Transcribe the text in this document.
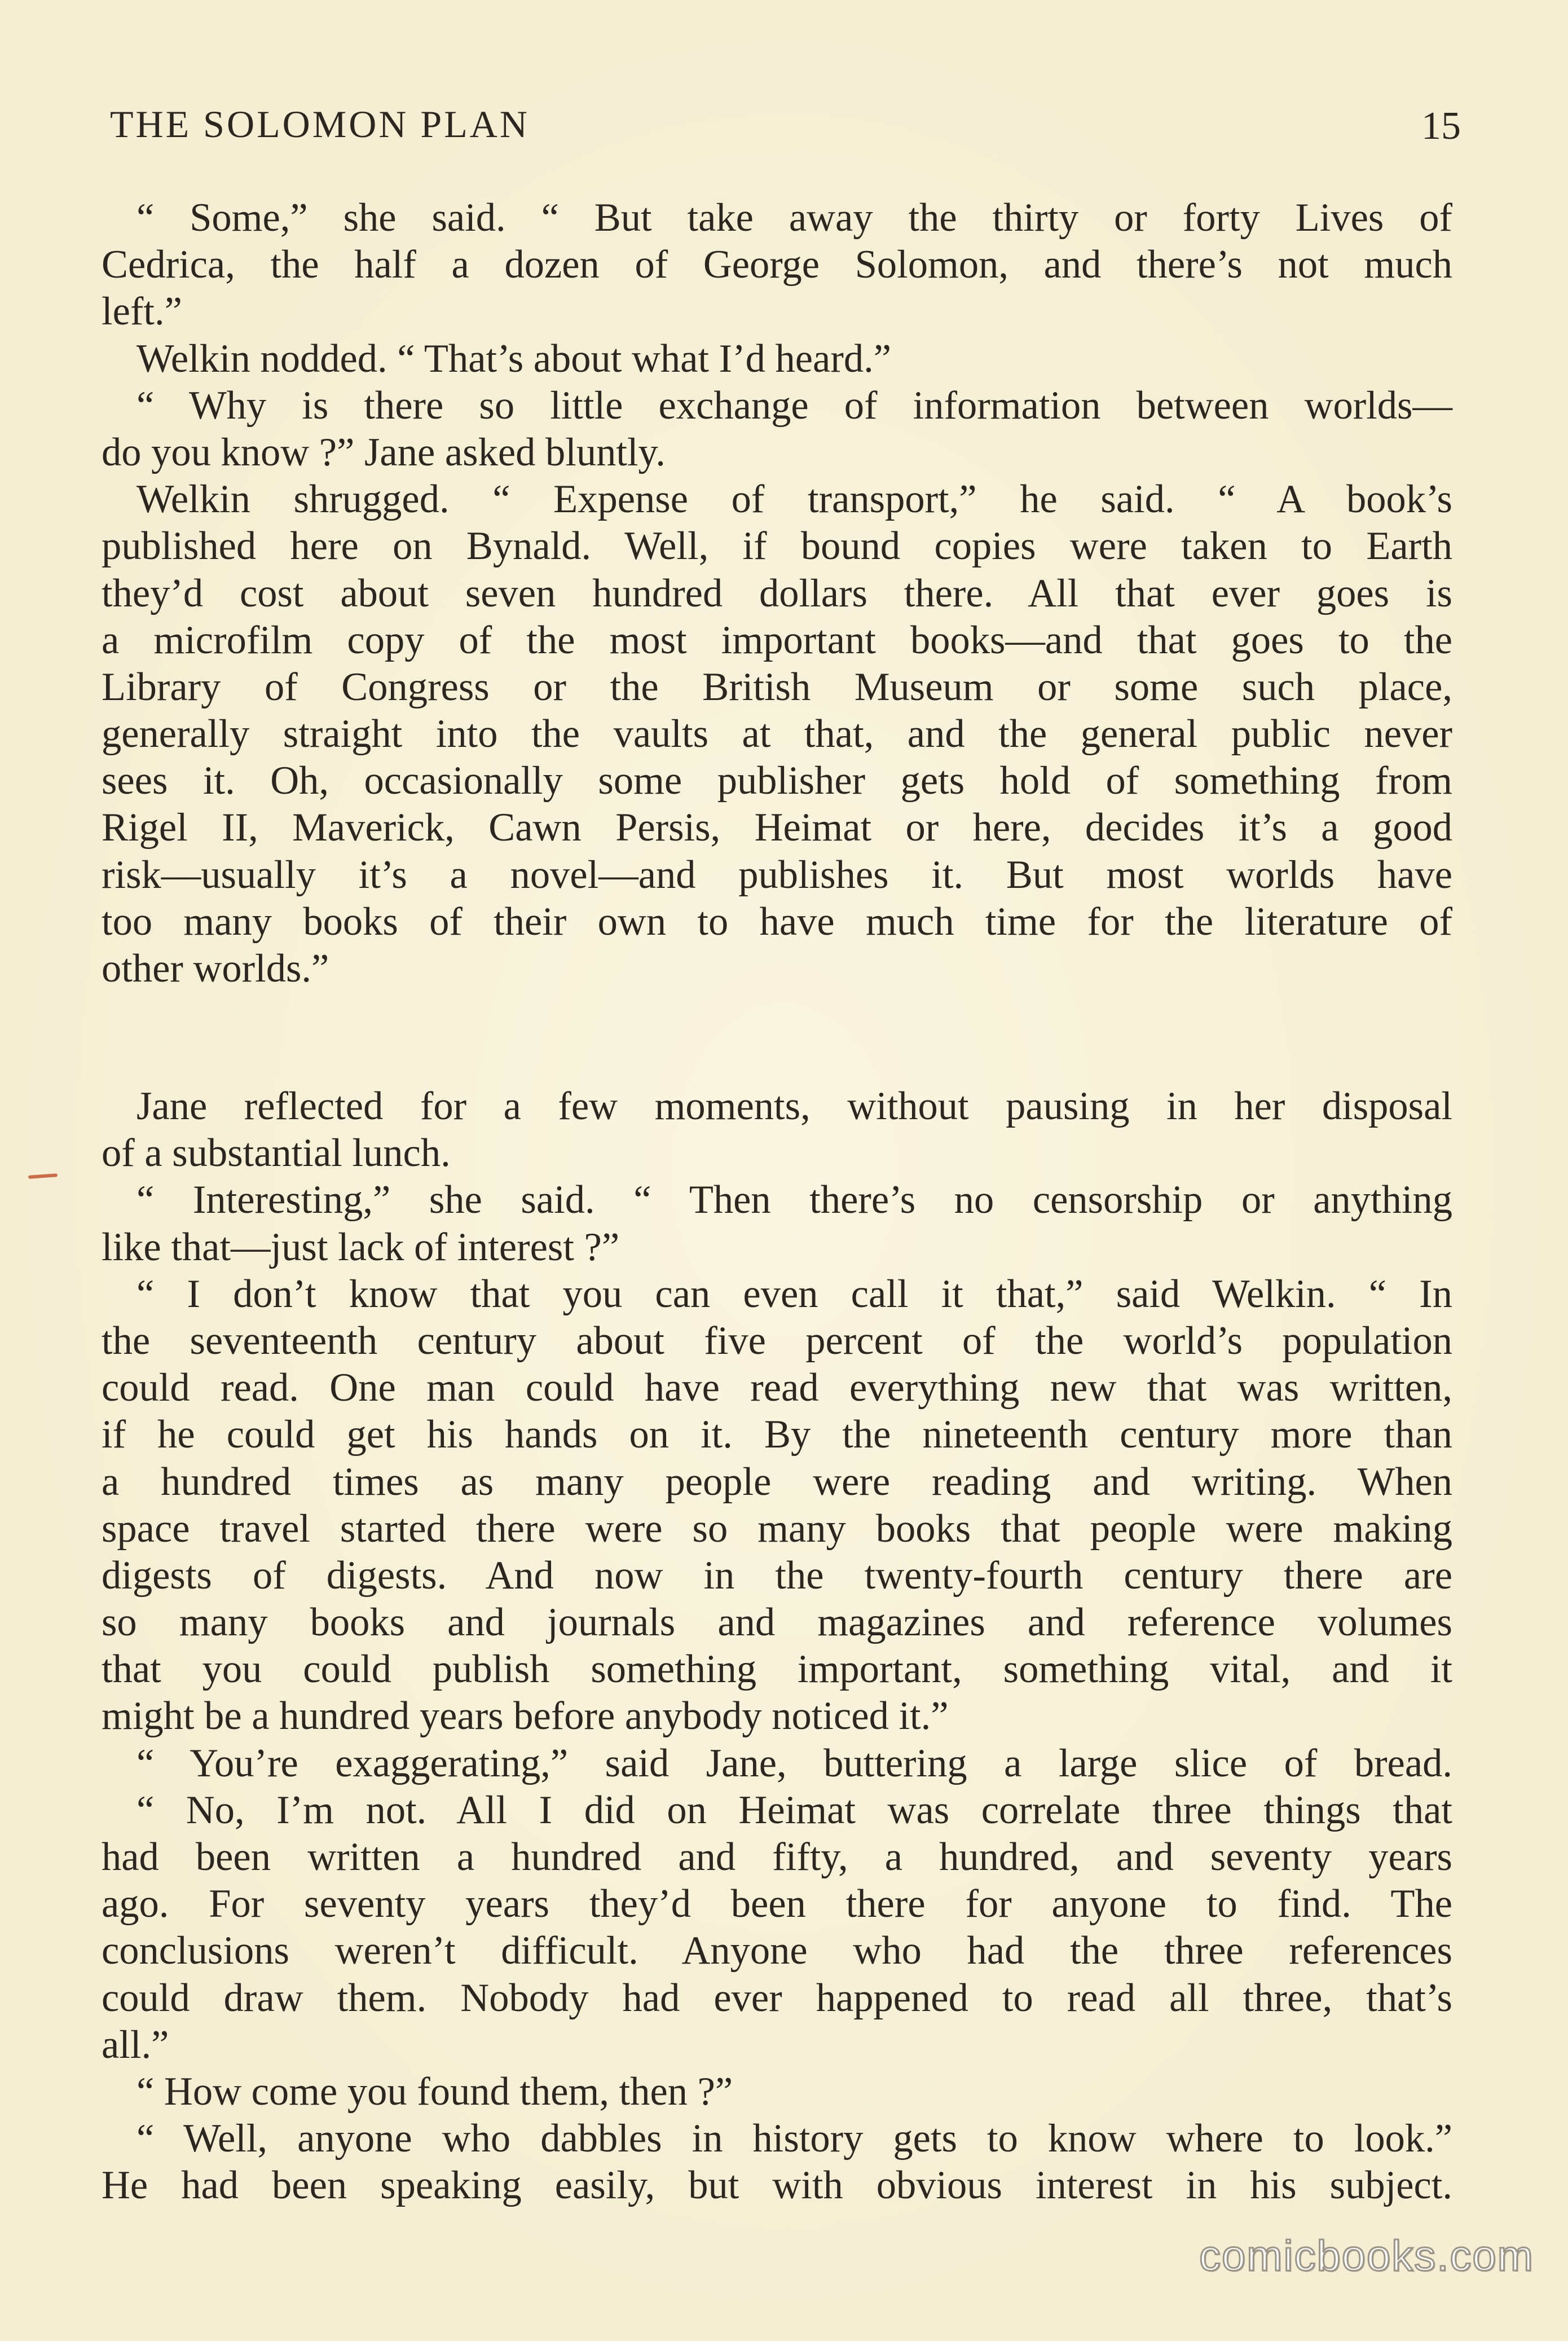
THE SOLOMON PLAN	15
“ Some,” she said. “ But take away the thirty or forty Lives of
Cedrica, the half a dozen of George Solomon, and there’s not much
left.”
Welkin nodded. “ That’s about what I’d heard.”
“ Why is there so little exchange of information between worlds—
do you know ?” Jane asked bluntly.
Welkin shrugged. “ Expense of transport,” he said. “ A book’s
published here on Bynald. Well, if bound copies were taken to Earth
they’d cost about seven hundred dollars there. All that ever goes is
a microfilm copy of the most important books—and that goes to the
Library of Congress or the British Museum or some such place,
generally straight into the vaults at that, and the general public never
sees it. Oh, occasionally some publisher gets hold of something from
Rigel II, Maverick, Cawn Persis, Heimat or here, decides it’s a good
risk—usually it’s a novel—and publishes it. But most worlds have
too many books of their own to have much time for the literature of
other worlds.”
Jane reflected for a few moments, without pausing in her disposal
of a substantial lunch.
“ Interesting,” she said. “ Then there’s no censorship or anything
like that—just lack of interest ?”
“ I don’t know that you can even call it that,” said Welkin. “ In
the seventeenth century about five percent of the world’s population
could read. One man could have read everything new that was written,
if he could get his hands on it. By the nineteenth century more than
a hundred times as many people were reading and writing. When
space travel started there were so many books that people were making
digests of digests. And now in the twenty-fourth century there are
so many books and journals and magazines and reference volumes
that you could publish something important, something vital, and it
might be a hundred years before anybody noticed it.”
“ You’re exaggerating,” said Jane, buttering a large slice of bread.
“ No, I’m not. All I did on Heimat was correlate three things that
had been written a hundred and fifty, a hundred, and seventy years
ago. For seventy years they’d been there for anyone to find. The
conclusions weren’t difficult. Anyone who had the three references
could draw them. Nobody had ever happened to read all three, that’s
all.”
“ How come you found them, then ?”
“ Well, anyone who dabbles in history gets to know where to look.”
He had been speaking easily, but with obvious interest in his subject.
comicbooks.com
